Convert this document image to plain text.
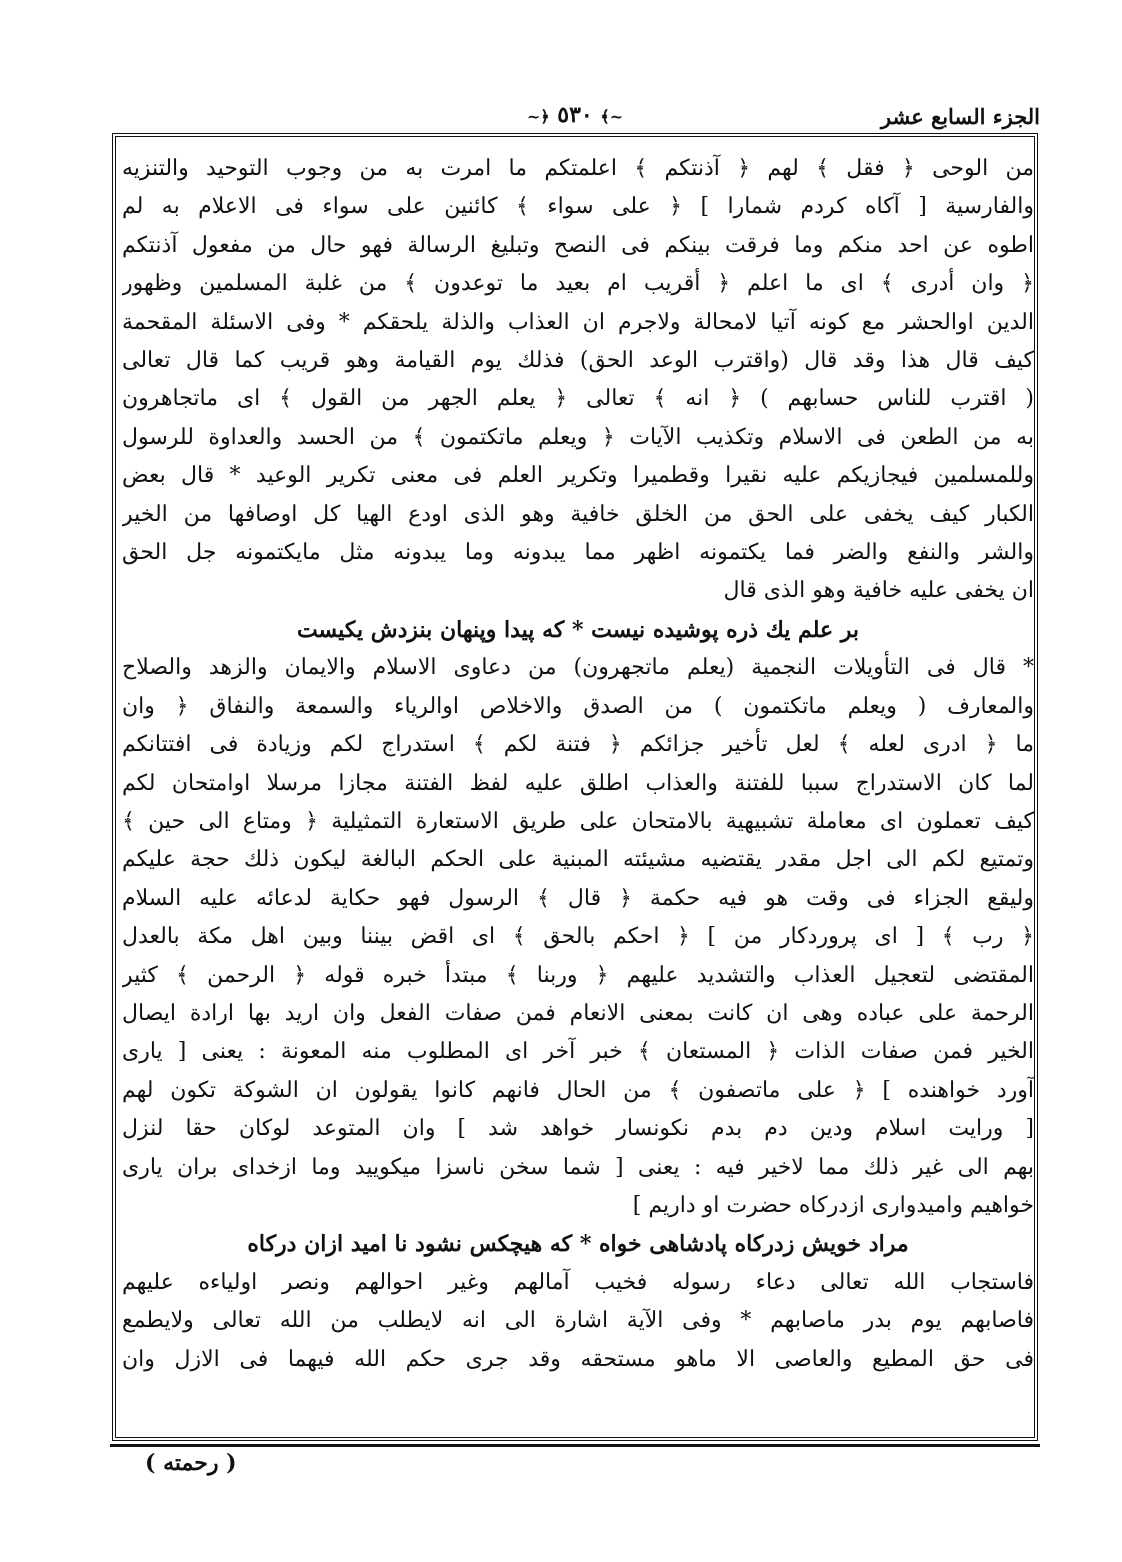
الجزء السابع عشر
~﴿ ٥٣٠ ﴾~
من الوحى ﴿ فقل ﴾ لهم ﴿ آذنتكم ﴾ اعلمتكم ما امرت به من وجوب التوحيد والتنزيه
والفارسية [ آكاه كردم شمارا ] ﴿ على سواء ﴾ كائنين على سواء فى الاعلام به لم
اطوه عن احد منكم وما فرقت بينكم فى النصح وتبليغ الرسالة فهو حال من مفعول آذنتكم
﴿ وان أدرى ﴾ اى ما اعلم ﴿ أقريب ام بعيد ما توعدون ﴾ من غلبة المسلمين وظهور
الدين اوالحشر مع كونه آتيا لامحالة ولاجرم ان العذاب والذلة يلحقكم * وفى الاسئلة المقحمة
كيف قال هذا وقد قال (واقترب الوعد الحق) فذلك يوم القيامة وهو قريب كما قال تعالى
( اقترب للناس حسابهم ) ﴿ انه ﴾ تعالى ﴿ يعلم الجهر من القول ﴾ اى ماتجاهرون
به من الطعن فى الاسلام وتكذيب الآيات ﴿ ويعلم ماتكتمون ﴾ من الحسد والعداوة للرسول
وللمسلمين فيجازيكم عليه نقيرا وقطميرا وتكرير العلم فى معنى تكرير الوعيد * قال بعض
الكبار كيف يخفى على الحق من الخلق خافية وهو الذى اودع الهيا كل اوصافها من الخير
والشر والنفع والضر فما يكتمونه اظهر مما يبدونه وما يبدونه مثل مايكتمونه جل الحق
ان يخفى عليه خافية وهو الذى قال
بر علم يك ذره پوشيده نيست * كه پيدا وپنهان بنزدش يكيست
* قال فى التأويلات النجمية (يعلم ماتجهرون) من دعاوى الاسلام والايمان والزهد والصلاح
والمعارف ( ويعلم ماتكتمون ) من الصدق والاخلاص اوالرياء والسمعة والنفاق ﴿ وان
ما ﴿ ادرى لعله ﴾ لعل تأخير جزائكم ﴿ فتنة لكم ﴾ استدراج لكم وزيادة فى افتتانكم
لما كان الاستدراج سببا للفتنة والعذاب اطلق عليه لفظ الفتنة مجازا مرسلا اوامتحان لكم
كيف تعملون اى معاملة تشبيهية بالامتحان على طريق الاستعارة التمثيلية ﴿ ومتاع الى حين ﴾
وتمتيع لكم الى اجل مقدر يقتضيه مشيئته المبنية على الحكم البالغة ليكون ذلك حجة عليكم
وليقع الجزاء فى وقت هو فيه حكمة ﴿ قال ﴾ الرسول فهو حكاية لدعائه عليه السلام
﴿ رب ﴾ [ اى پروردكار من ] ﴿ احكم بالحق ﴾ اى اقض بيننا وبين اهل مكة بالعدل
المقتضى لتعجيل العذاب والتشديد عليهم ﴿ وربنا ﴾ مبتدأ خبره قوله ﴿ الرحمن ﴾ كثير
الرحمة على عباده وهى ان كانت بمعنى الانعام فمن صفات الفعل وان اريد بها ارادة ايصال
الخير فمن صفات الذات ﴿ المستعان ﴾ خبر آخر اى المطلوب منه المعونة : يعنى [ يارى
آورد خواهنده ] ﴿ على ماتصفون ﴾ من الحال فانهم كانوا يقولون ان الشوكة تكون لهم
[ ورايت اسلام ودين دم بدم نكونسار خواهد شد ] وان المتوعد لوكان حقا لنزل
بهم الى غير ذلك مما لاخير فيه : يعنى [ شما سخن ناسزا ميكوييد وما ازخداى بران يارى
خواهيم واميدوارى ازدركاه حضرت او داريم ]
مراد خويش زدركاه پادشاهى خواه * كه هيچكس نشود نا اميد ازان دركاه
فاستجاب الله تعالى دعاء رسوله فخيب آمالهم وغير احوالهم ونصر اولياءه عليهم
فاصابهم يوم بدر ماصابهم * وفى الآية اشارة الى انه لايطلب من الله تعالى ولايطمع
فى حق المطيع والعاصى الا ماهو مستحقه وقد جرى حكم الله فيهما فى الازل وان
( رحمته )
